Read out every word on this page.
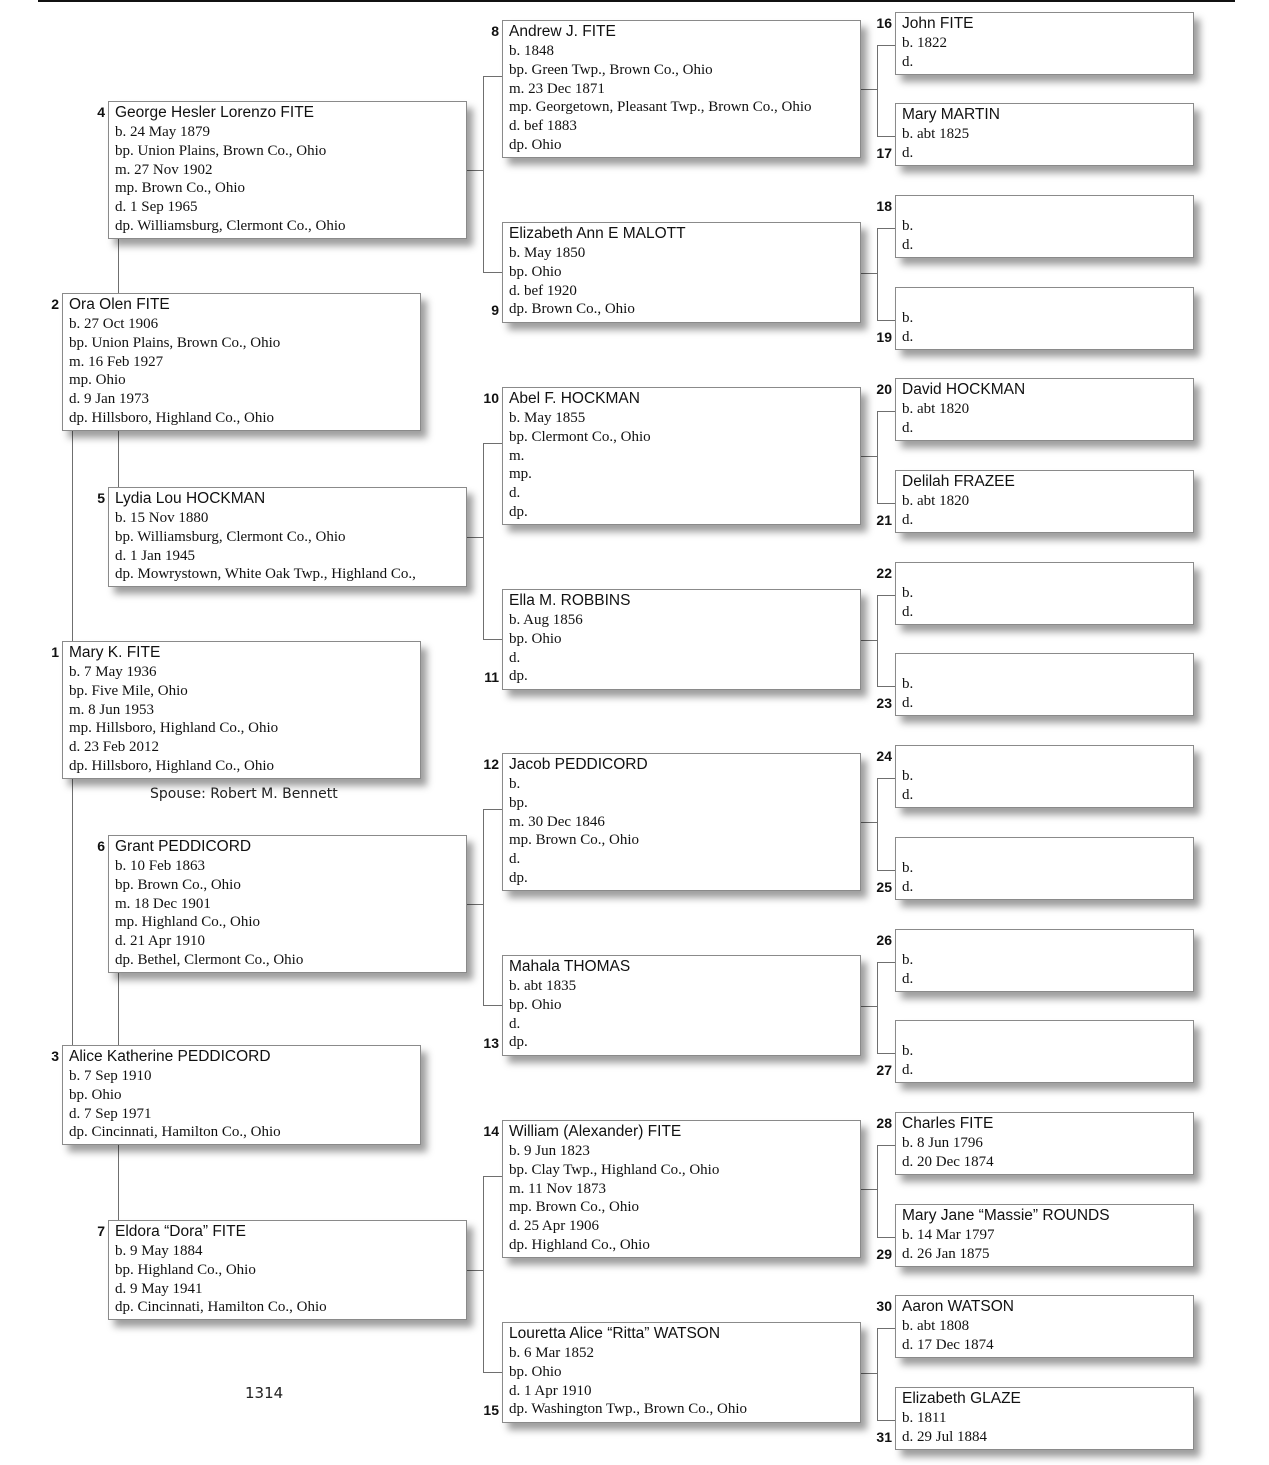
Mary K. FITE
b. 7 May 1936
bp. Five Mile, Ohio
m. 8 Jun 1953
mp. Hillsboro, Highland Co., Ohio
d. 23 Feb 2012
dp. Hillsboro, Highland Co., Ohio
1
Ora Olen FITE
b. 27 Oct 1906
bp. Union Plains, Brown Co., Ohio
m. 16 Feb 1927
mp. Ohio
d. 9 Jan 1973
dp. Hillsboro, Highland Co., Ohio
2
Alice Katherine PEDDICORD
b. 7 Sep 1910
bp. Ohio
d. 7 Sep 1971
dp. Cincinnati, Hamilton Co., Ohio
3
George Hesler Lorenzo FITE
b. 24 May 1879
bp. Union Plains, Brown Co., Ohio
m. 27 Nov 1902
mp. Brown Co., Ohio
d. 1 Sep 1965
dp. Williamsburg, Clermont Co., Ohio
4
Lydia Lou HOCKMAN
b. 15 Nov 1880
bp. Williamsburg, Clermont Co., Ohio
d. 1 Jan 1945
dp. Mowrystown, White Oak Twp., Highland Co.,
5
Grant PEDDICORD
b. 10 Feb 1863
bp. Brown Co., Ohio
m. 18 Dec 1901
mp. Highland Co., Ohio
d. 21 Apr 1910
dp. Bethel, Clermont Co., Ohio
6
Eldora “Dora” FITE
b. 9 May 1884
bp. Highland Co., Ohio
d. 9 May 1941
dp. Cincinnati, Hamilton Co., Ohio
7
Andrew J. FITE
b. 1848
bp. Green Twp., Brown Co., Ohio
m. 23 Dec 1871
mp. Georgetown, Pleasant Twp., Brown Co., Ohio
d. bef 1883
dp. Ohio
8
Elizabeth Ann E MALOTT
b. May 1850
bp. Ohio
d. bef 1920
dp. Brown Co., Ohio
9
Abel F. HOCKMAN
b. May 1855
bp. Clermont Co., Ohio
m.
mp.
d.
dp.
10
Ella M. ROBBINS
b. Aug 1856
bp. Ohio
d.
dp.
11
Jacob PEDDICORD
b.
bp.
m. 30 Dec 1846
mp. Brown Co., Ohio
d.
dp.
12
Mahala THOMAS
b. abt 1835
bp. Ohio
d.
dp.
13
William (Alexander) FITE
b. 9 Jun 1823
bp. Clay Twp., Highland Co., Ohio
m. 11 Nov 1873
mp. Brown Co., Ohio
d. 25 Apr 1906
dp. Highland Co., Ohio
14
Louretta Alice “Ritta” WATSON
b. 6 Mar 1852
bp. Ohio
d. 1 Apr 1910
dp. Washington Twp., Brown Co., Ohio
15
John FITE
b. 1822
d.
16
Mary MARTIN
b. abt 1825
d.
17
b.
d.
18
b.
d.
19
David HOCKMAN
b. abt 1820
d.
20
Delilah FRAZEE
b. abt 1820
d.
21
b.
d.
22
b.
d.
23
b.
d.
24
b.
d.
25
b.
d.
26
b.
d.
27
Charles FITE
b. 8 Jun 1796
d. 20 Dec 1874
28
Mary Jane “Massie” ROUNDS
b. 14 Mar 1797
d. 26 Jan 1875
29
Aaron WATSON
b. abt 1808
d. 17 Dec 1874
30
Elizabeth GLAZE
b. 1811
d. 29 Jul 1884
31
Spouse: Robert M. Bennett
1314
